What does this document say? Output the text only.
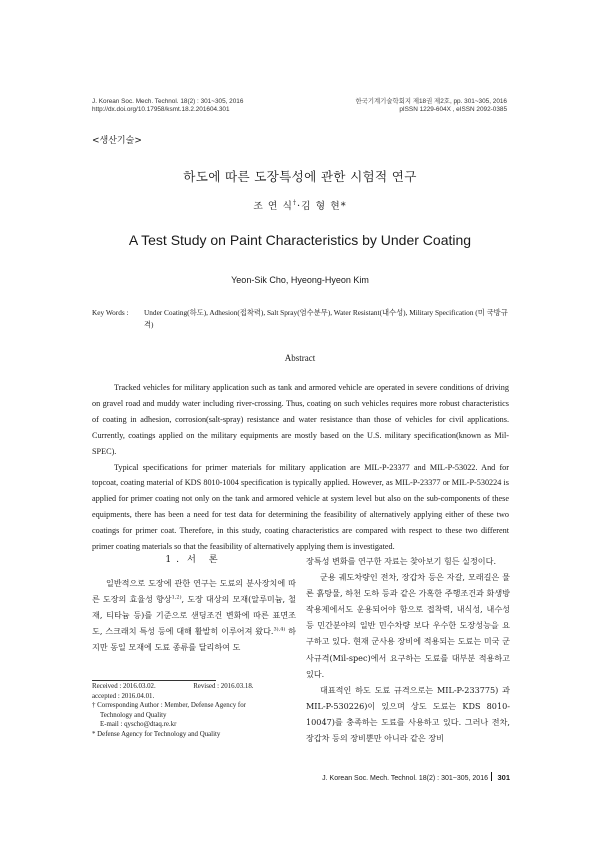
J. Korean Soc. Mech. Technol. 18(2) : 301~305, 2016
http://dx.doi.org/10.17958/ksmt.18.2.201604.301
한국기계기술학회지 제18권 제2호, pp. 301~305, 2016
pISSN 1229-604X , eISSN 2092-0385
<생산기술>
하도에 따른 도장특성에 관한 시험적 연구
조 연 식†·김 형 현*
A Test Study on Paint Characteristics by Under Coating
Yeon-Sik Cho, Hyeong-Hyeon Kim
Key Words : Under Coating(하도), Adhesion(접착력), Salt Spray(염수분무), Water Resistant(내수성), Military Specification (미 국방규격)
Abstract

Tracked vehicles for military application such as tank and armored vehicle are operated in severe conditions of driving on gravel road and muddy water including river-crossing. Thus, coating on such vehicles requires more robust characteristics of coating in adhesion, corrosion(salt-spray) resistance and water resistance than those of vehicles for civil applications. Currently, coatings applied on the military equipments are mostly based on the U.S. military specification(known as Mil-SPEC).

Typical specifications for primer materials for military application are MIL-P-23377 and MIL-P-53022. And for topcoat, coating material of KDS 8010-1004 specification is typically applied. However, as MIL-P-23377 or MIL-P-530224 is applied for primer coating not only on the tank and armored vehicle at system level but also on the sub-components of these equipments, there has been a need for test data for determining the feasibility of alternatively applying either of these two coatings for primer coat. Therefore, in this study, coating characteristics are compared with respect to these two different primer coating materials so that the feasibility of alternatively applying them is investigated.

1. 서 론

일반적으로 도장에 관한 연구는 도료의 분사장치에 따른 도장의 효율성 향상$^{1,2)}$, 도장 대상의 모재(알루미늄, 철재, 티타늄 등)를 기준으로 샌딩조건 변화에 따른 표면조도, 스크래치 특성 등에 대해 활발히 이루어져 왔다.$^{3),4)}$ 하지만 동일 모재에 도료 종류를 달리하여 도

Received : 2016.03.02.	Revised : 2016.03.18.
accepted : 2016.04.01.
† Corresponding Author : Member, Defense Agency for
Technology and Quality
E-mail : qyscho@dtaq.re.kr
* Defense Agency for Technology and Quality

장특성 변화를 연구한 자료는 찾아보기 힘든 실정이다.

군용 궤도차량인 전차, 장갑차 등은 자갈, 모래길은 물론 흙탕물, 하천 도하 등과 같은 가혹한 주행조건과 화생방작용제에서도 운용되어야 함으로 접착력, 내식성, 내수성 등 민간분야의 일반 민수차량 보다 우수한 도장성능을 요구하고 있다. 현재 군사용 장비에 적용되는 도료는 미국 군사규격(Mil-spec)에서 요구하는 도료를 대부분 적용하고 있다.

대표적인 하도 도료 규격으로는 MIL-P-233775) 과 MIL-P-530226)이 있으며 상도 도료는 KDS 8010-10047)를 충족하는 도료를 사용하고 있다. 그러나 전차, 장갑차 등의 장비뿐만 아니라 같은 장비

J. Korean Soc. Mech. Technol. 18(2) : 301~305, 2016 301
